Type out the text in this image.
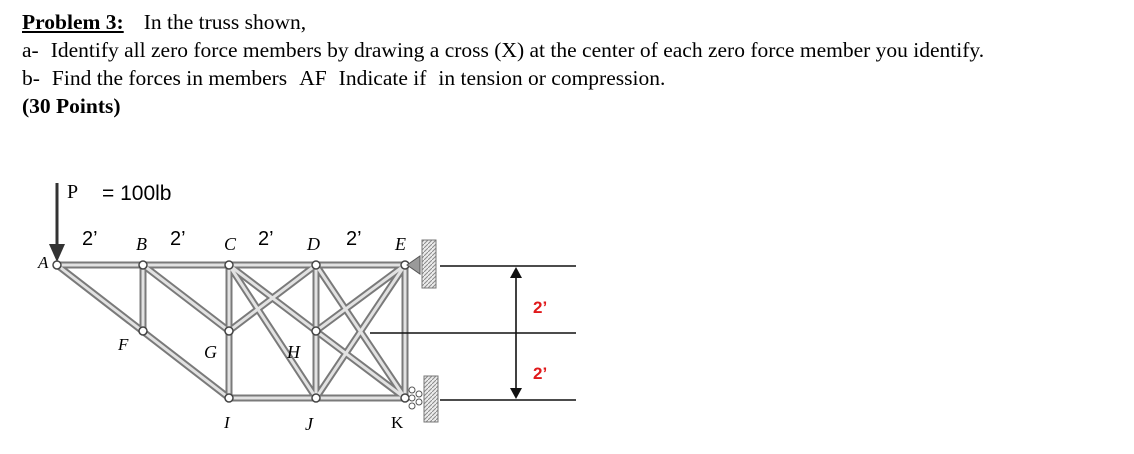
Problem 3: In the truss shown,
a- Identify all zero force members by drawing a cross (X) at the center of each zero force member you identify.
b- Find the forces in members AF Indicate if in tension or compression.
(30 Points)
P = 100lb
2’	2’	2’	2’
A
B	C	D	E
F	G	H
I	J	K
2’
2’
